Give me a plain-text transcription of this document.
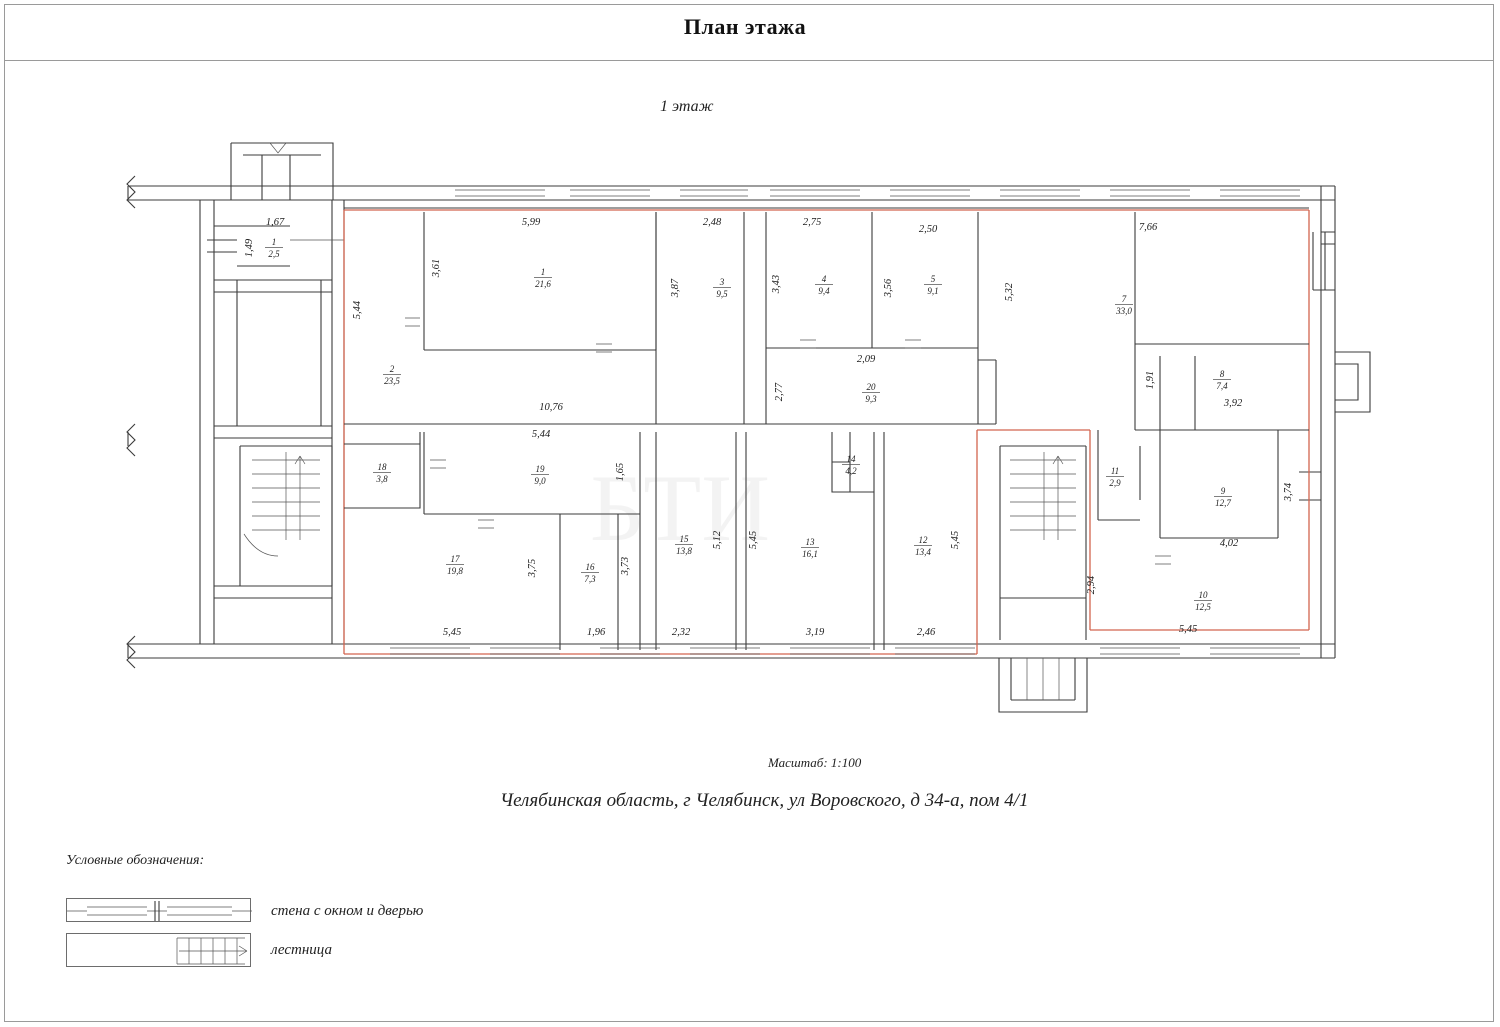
План этажа
1 этаж
1,67
1,49
5,99	2,48	2,75
2,50	7,66
3,61
3,87	3,43	3,56	5,32
5,44
1,91
3,92
2,09
2,77
10,76
5,44
1,65
3,74
4,02
5,12 5,45	5,45
3,75	3,73
2,94
5,45	1,96	2,32	3,19	2,46	5,45
1
21,6
2
23,5
3
9,5
4
9,4
5
9,1
7
33,0
8
7,4
9
12,7
10
12,5
11
2,9
12
13,4
13
16,1
14
4,2
15
13,8
16
7,3
17
19,8
18
3,8
19
9,0
20
9,3
1
2,5
Масштаб: 1:100
Челябинская область, г Челябинск, ул Воровского, д 34-а, пом 4/1
Условные обозначения:
стена с окном и дверью
лестница
